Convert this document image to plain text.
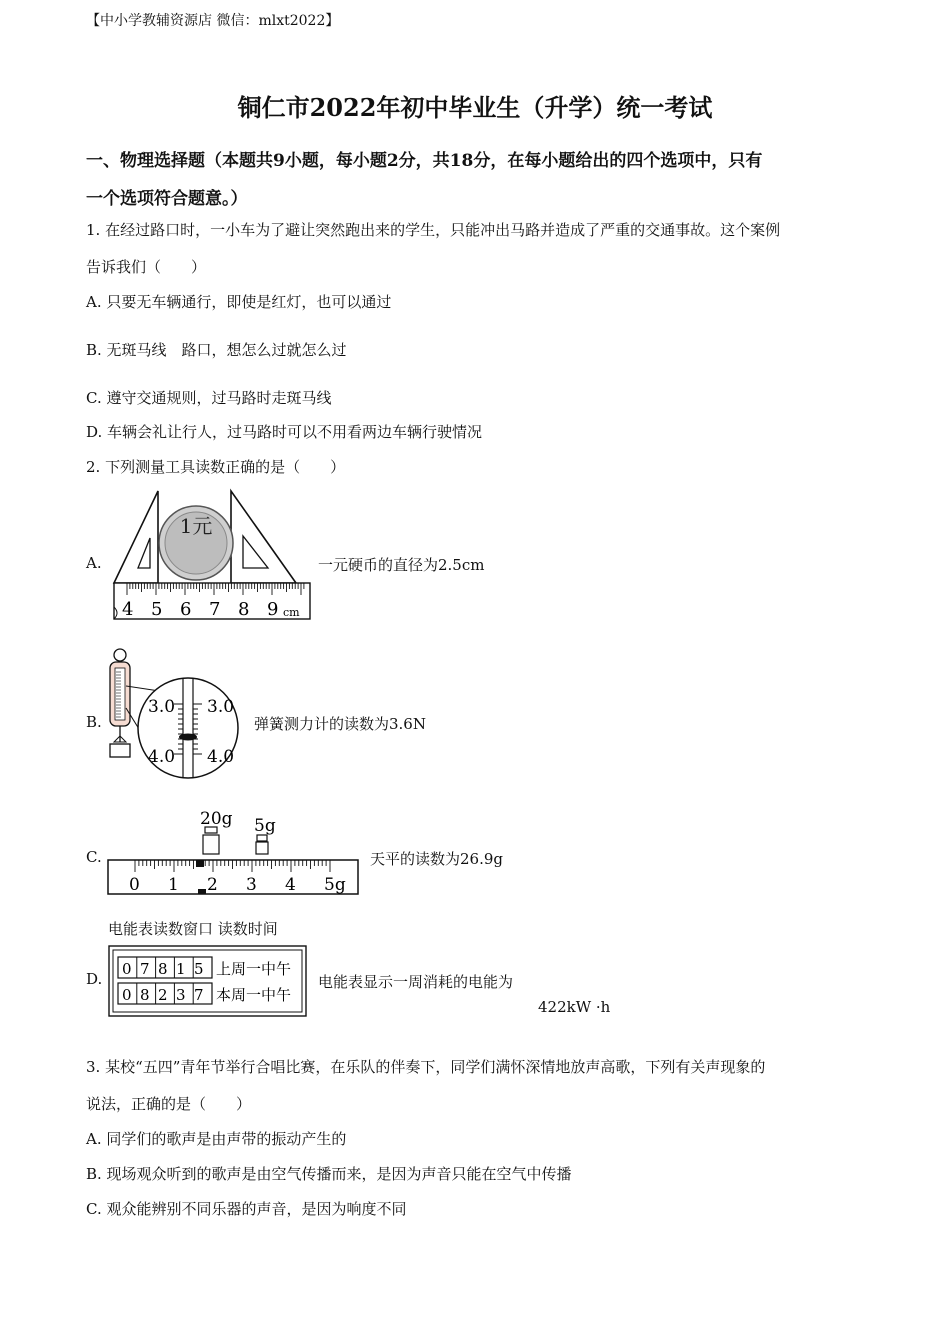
【中小学教辅资源店 微信：mlxt2022】
铜仁市2022年初中毕业生（升学）统一考试
一、物理选择题（本题共9小题，每小题2分，共18分，在每小题给出的四个选项中，只有
一个选项符合题意。）
1. 在经过路口时，一小车为了避让突然跑出来的学生，只能冲出马路并造成了严重的交通事故。这个案例
告诉我们（　　）
A. 只要无车辆通行，即使是红灯，也可以通过
B. 无斑马线　路口，想怎么过就怎么过
C. 遵守交通规则，过马路时走斑马线
D. 车辆会礼让行人，过马路时可以不用看两边车辆行驶情况
2. 下列测量工具读数正确的是（　　）
A.
1元
4 5 6 7 8 9 cm
一元硬币的直径为2.5cm
B.
3.0 3.0
4.0 4.0
弹簧测力计的读数为3.6N
C.
20g 5g
0 1 2 3 4 5g
天平的读数为26.9g
电能表读数窗口 读数时间
D.
0 7 8 1 5
0 8 2 3 7
上周一中午
本周一中午
电能表显示一周消耗的电能为
422kW ·h
3. 某校“五四”青年节举行合唱比赛，在乐队的伴奏下，同学们满怀深情地放声高歌，下列有关声现象的
说法，正确的是（　　）
A. 同学们的歌声是由声带的振动产生的
B. 现场观众听到的歌声是由空气传播而来，是因为声音只能在空气中传播
C. 观众能辨别不同乐器的声音，是因为响度不同
